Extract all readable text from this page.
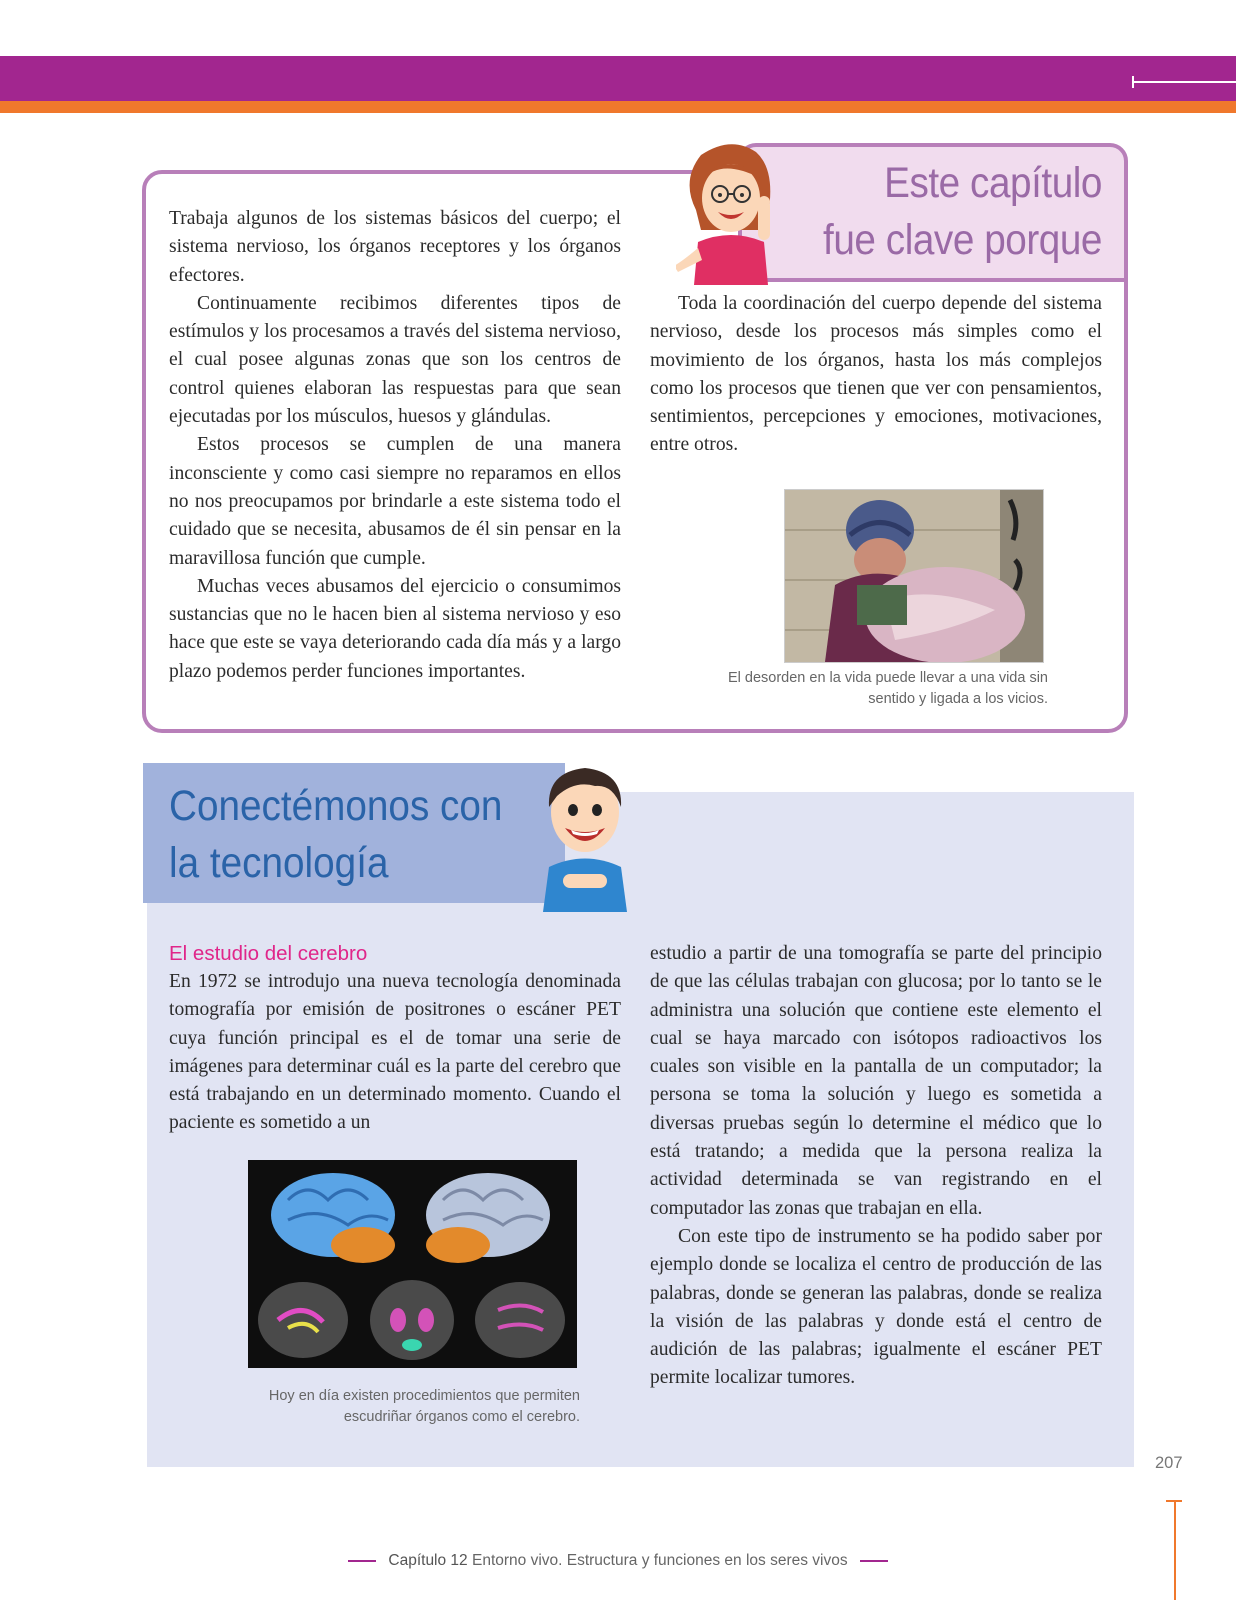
Este capítulo
fue clave porque

Trabaja algunos de los sistemas básicos del cuerpo; el sistema nervioso, los órganos receptores y los órganos efectores.

Continuamente recibimos diferentes tipos de estímulos y los procesamos a través del sistema nervioso, el cual posee algunas zonas que son los centros de control quienes elaboran las respuestas para que sean ejecutadas por los músculos, huesos y glándulas.

Estos procesos se cumplen de una manera inconsciente y como casi siempre no reparamos en ellos no nos preocupamos por brindarle a este sistema todo el cuidado que se necesita, abusamos de él sin pensar en la maravillosa función que cumple.

Muchas veces abusamos del ejercicio o consumimos sustancias que no le hacen bien al sistema nervioso y eso hace que este se vaya deteriorando cada día más y a largo plazo podemos perder funciones importantes.

Toda la coordinación del cuerpo depende del sistema nervioso, desde los procesos más simples como el movimiento de los órganos, hasta los más complejos como los procesos que tienen que ver con pensamientos, sentimientos, percepciones y emociones, motivaciones, entre otros.

El desorden en la vida puede llevar a una vida sin
sentido y ligada a los vicios.
Conectémonos con
la tecnología
El estudio del cerebro

En 1972 se introdujo una nueva tecnología denominada tomografía por emisión de positrones o escáner PET cuya función principal es el de tomar una serie de imágenes para determinar cuál es la parte del cerebro que está trabajando en un determinado momento. Cuando el paciente es sometido a un

estudio a partir de una tomografía se parte del principio de que las células trabajan con glucosa; por lo tanto se le administra una solución que contiene este elemento el cual se haya marcado con isótopos radioactivos los cuales son visible en la pantalla de un computador; la persona se toma la solución y luego es sometida a diversas pruebas según lo determine el médico que lo está tratando; a medida que la persona realiza la actividad determinada se van registrando en el computador las zonas que trabajan en ella.

Con este tipo de instrumento se ha podido saber por ejemplo donde se localiza el centro de producción de las palabras, donde se generan las palabras, donde se realiza la visión de las palabras y donde está el centro de audición de las palabras; igualmente el escáner PET permite localizar tumores.

Hoy en día existen procedimientos que permiten
escudriñar órganos como el cerebro.
207
Capítulo 12 Entorno vivo. Estructura y funciones en los seres vivos
